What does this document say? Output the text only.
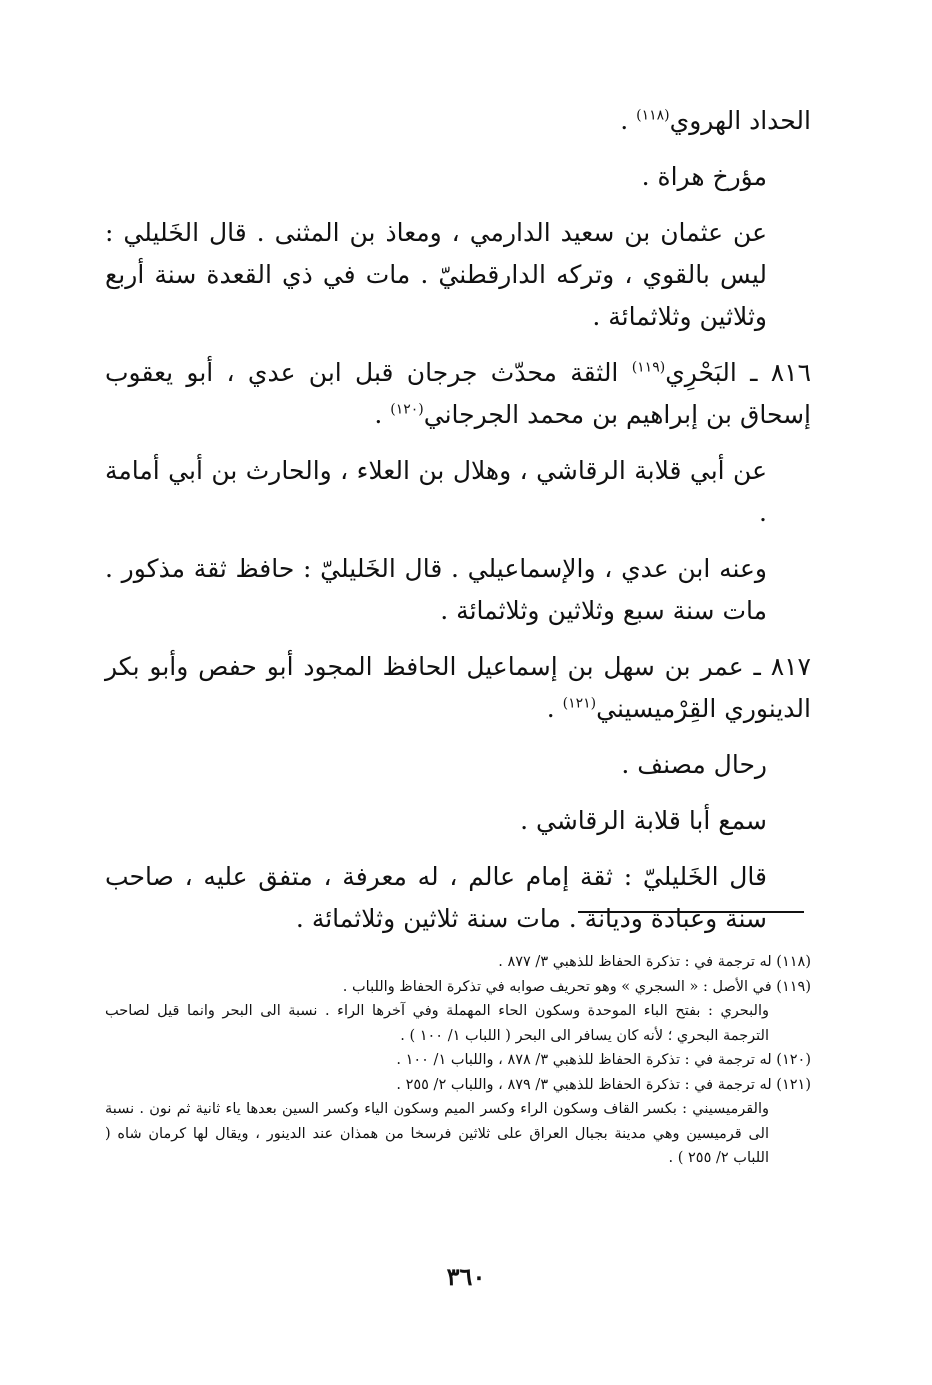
الحداد الهروي$^{(١١٨)}$ .

مؤرخ هراة .

عن عثمان بن سعيد الدارمي ، ومعاذ بن المثنى . قال الخَليلي : ليس بالقوي ، وتركه الدارقطنيّ . مات في ذي القعدة سنة أربع وثلاثين وثلاثمائة .

٨١٦ ـ البَحْرِي$^{(١١٩)}$ الثقة محدّث جرجان قبل ابن عدي ، أبو يعقوب إسحاق بن إبراهيم بن محمد الجرجاني$^{(١٢٠)}$ .

عن أبي قلابة الرقاشي ، وهلال بن العلاء ، والحارث بن أبي أمامة .

وعنه ابن عدي ، والإسماعيلي . قال الخَليليّ : حافظ ثقة مذكور . مات سنة سبع وثلاثين وثلاثمائة .

٨١٧ ـ عمر بن سهل بن إسماعيل الحافظ المجود أبو حفص وأبو بكر الدينوري القِرْميسيني$^{(١٢١)}$ .

رحال مصنف .

سمع أبا قلابة الرقاشي .

قال الخَليليّ : ثقة إمام عالم ، له معرفة ، متفق عليه ، صاحب سنة وعبادة وديانة . مات سنة ثلاثين وثلاثمائة .

(١١٨) له ترجمة في : تذكرة الحفاظ للذهبي ٣/ ٨٧٧ .

(١١٩) في الأصل : « السجري » وهو تحريف صوابه في تذكرة الحفاظ واللباب .

والبحري : بفتح الباء الموحدة وسكون الحاء المهملة وفي آخرها الراء . نسبة الى البحر وانما قيل لصاحب الترجمة البحري ؛ لأنه كان يسافر الى البحر ( اللباب ١/ ١٠٠ ) .

(١٢٠) له ترجمة في : تذكرة الحفاظ للذهبي ٣/ ٨٧٨ ، واللباب ١/ ١٠٠ .

(١٢١) له ترجمة في : تذكرة الحفاظ للذهبي ٣/ ٨٧٩ ، واللباب ٢/ ٢٥٥ .

والقرميسيني : بكسر القاف وسكون الراء وكسر الميم وسكون الياء وكسر السين بعدها ياء ثانية ثم نون . نسبة الى قرميسين وهي مدينة بجبال العراق على ثلاثين فرسخا من همذان عند الدينور ، ويقال لها كرمان شاه ( اللباب ٢/ ٢٥٥ ) .

٣٦٠
